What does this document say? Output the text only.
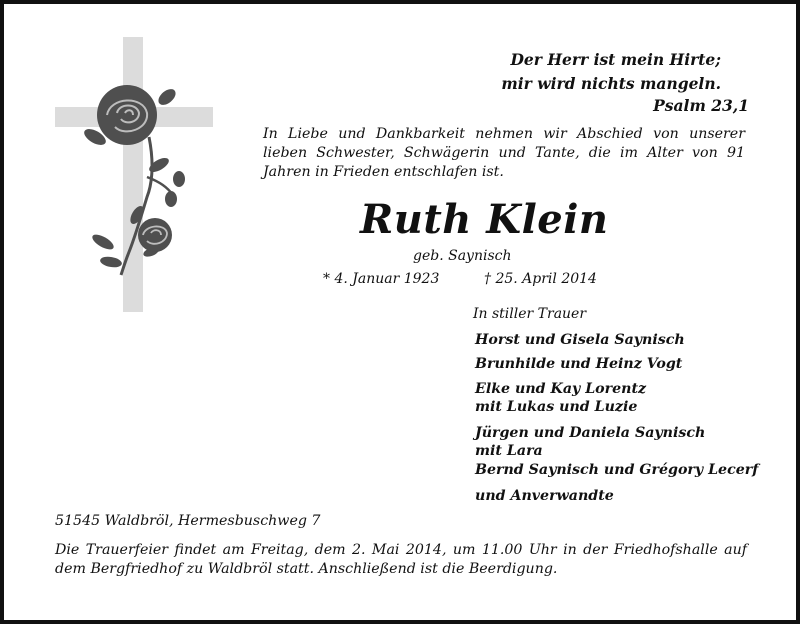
Der Herr ist mein Hirte;
mir wird nichts mangeln.
Psalm 23,1
In Liebe und Dankbarkeit nehmen wir Abschied von unserer lieben Schwester, Schwägerin und Tante, die im Alter von 91 Jahren in Frieden entschlafen ist.
Ruth Klein
geb. Saynisch
* 4. Januar 1923	† 25. April 2014
In stiller Trauer
Horst und Gisela Saynisch
Brunhilde und Heinz Vogt
Elke und Kay Lorentz
mit Lukas und Luzie
Jürgen und Daniela Saynisch
mit Lara
Bernd Saynisch und Grégory Lecerf
und Anverwandte
51545 Waldbröl, Hermesbuschweg 7
Die Trauerfeier findet am Freitag, dem 2. Mai 2014, um 11.00 Uhr in der Friedhofshalle auf dem Bergfriedhof zu Waldbröl statt. Anschließend ist die Beerdigung.
